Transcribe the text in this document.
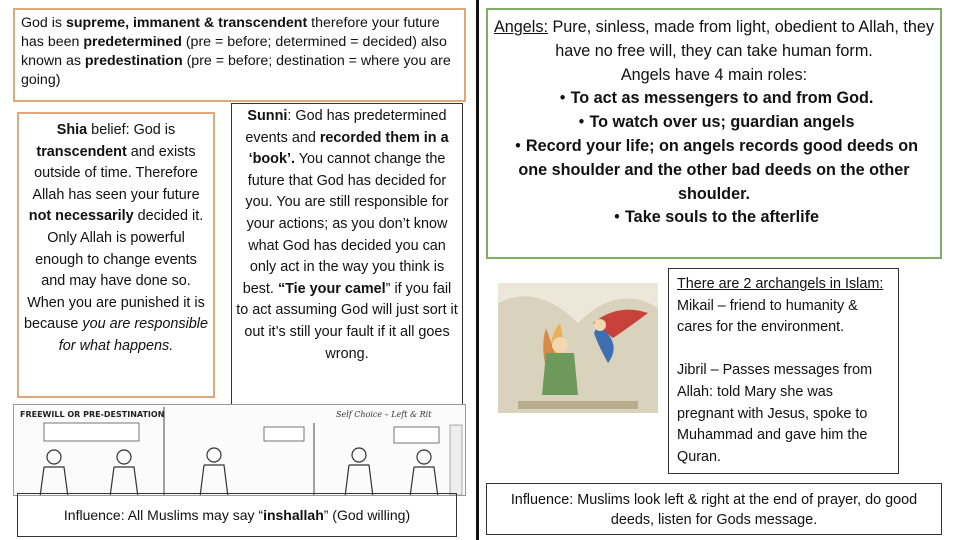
God is supreme, immanent & transcendent therefore your future has been predetermined (pre = before; determined = decided) also known as predestination (pre = before; destination = where you are going)

Shia belief: God is transcendent and exists outside of time. Therefore Allah has seen your future not necessarily decided it. Only Allah is powerful enough to change events and may have done so. When you are punished it is because you are responsible for what happens.

Sunni: God has predetermined events and recorded them in a ‘book’. You cannot change the future that God has decided for you. You are still responsible for your actions; as you don’t know what God has decided you can only act in the way you think is best. “Tie your camel” if you fail to act assuming God will just sort it out it’s still your fault if it all goes wrong.

FREEWILL OR PRE-DESTINATION	Self Choice – Left & Rit

Influence: All Muslims may say “inshallah” (God willing)

Angels: Pure, sinless, made from light, obedient to Allah, they have no free will, they can take human form.

Angels have 4 main roles:

• To act as messengers to and from God.

• To watch over us; guardian angels

• Record your life; on angels records good deeds on one shoulder and the other bad deeds on the other shoulder.

• Take souls to the afterlife

There are 2 archangels in Islam:

Mikail – friend to humanity & cares for the environment.

Jibril – Passes messages from Allah: told Mary she was pregnant with Jesus, spoke to Muhammad and gave him the Quran.

Influence: Muslims look left & right at the end of prayer, do good deeds, listen for Gods message.
